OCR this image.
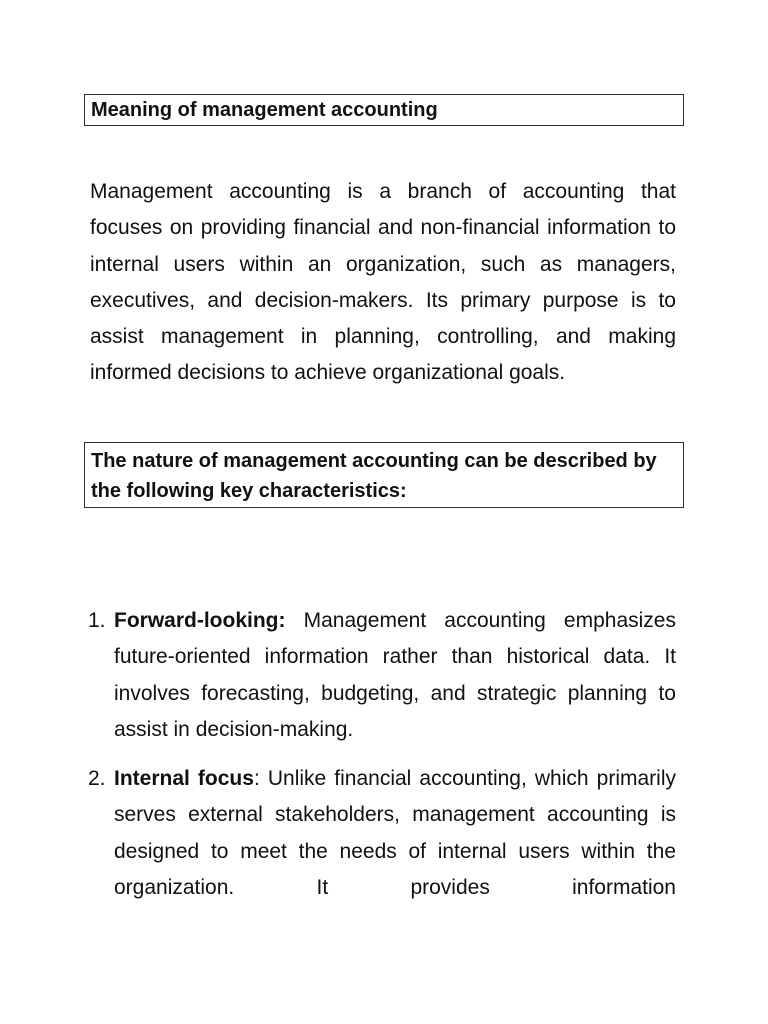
Meaning of management accounting
Management accounting is a branch of accounting that focuses on providing financial and non-financial information to internal users within an organization, such as managers, executives, and decision-makers. Its primary purpose is to assist management in planning, controlling, and making informed decisions to achieve organizational goals.
The nature of management accounting can be described by the following key characteristics:
1. Forward-looking: Management accounting emphasizes future-oriented information rather than historical data. It involves forecasting, budgeting, and strategic planning to assist in decision-making.
2. Internal focus: Unlike financial accounting, which primarily serves external stakeholders, management accounting is designed to meet the needs of internal users within the organization. It provides information
